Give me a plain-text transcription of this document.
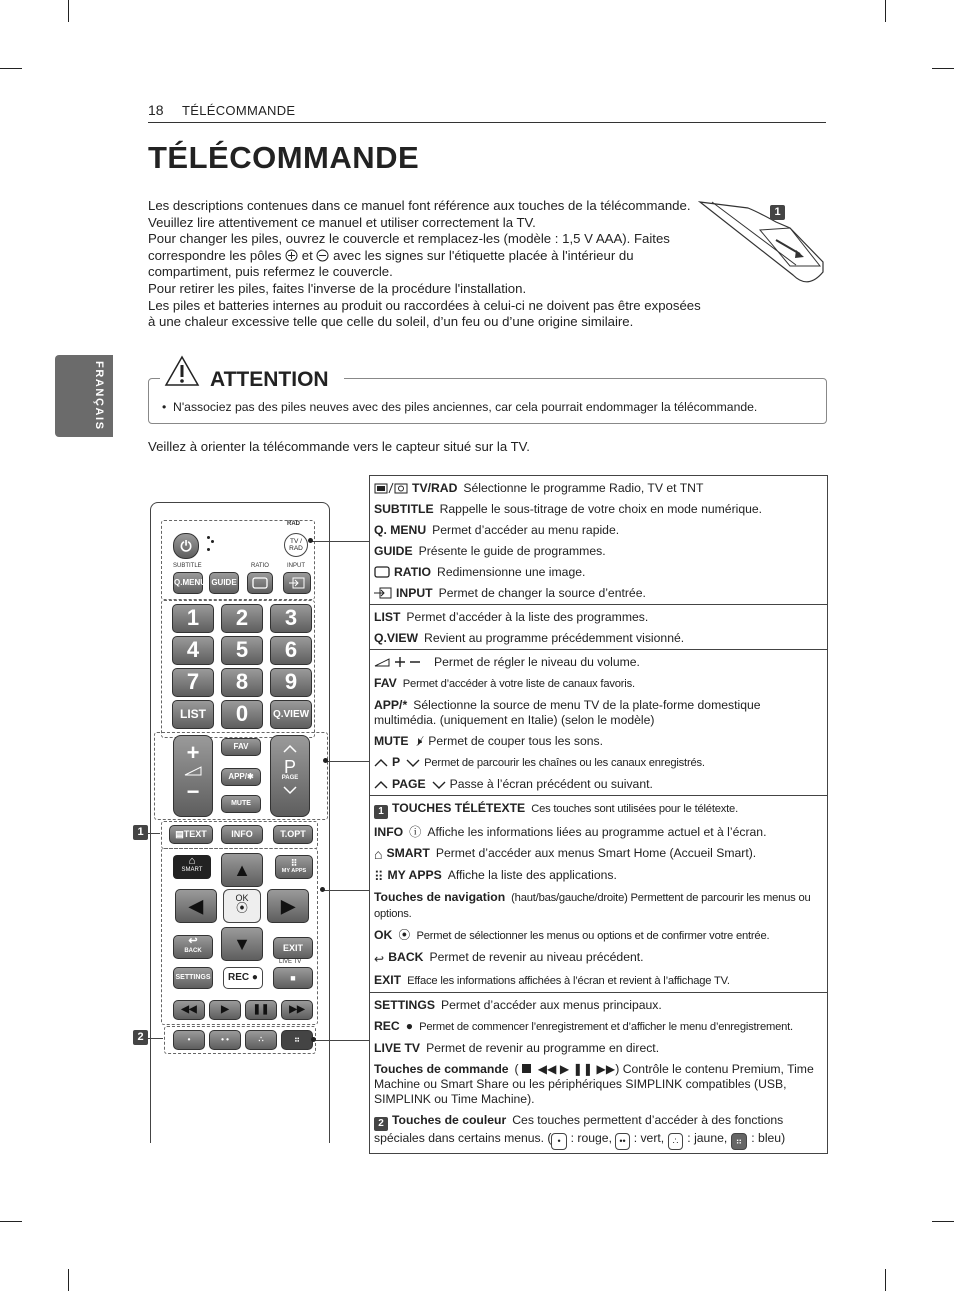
18 TÉLÉCOMMANDE
TÉLÉCOMMANDE
FRANÇAIS

Les descriptions contenues dans ce manuel font référence aux touches de la télécommande. Veuillez lire attentivement ce manuel et utiliser correctement la TV.

Pour changer les piles, ouvrez le couvercle et remplacez-les (modèle : 1,5 V AAA). Faites correspondre les pôles et avec les signes sur l'étiquette placée à l'intérieur du compartiment, puis refermez le couvercle.

Pour retirer les piles, faites l'inverse de la procédure l'installation.

Les piles et batteries internes au produit ou raccordées à celui-ci ne doivent pas être exposées à une chaleur excessive telle que celle du soleil, d’un feu ou d’une origine similaire.

1
ATTENTION
•  N'associez pas des piles neuves avec des piles anciennes, car cela pourrait endommager la télécommande.
Veillez à orienter la télécommande vers le capteur situé sur la TV.
⏻
RAD
TV / RAD
SUBTITLE	RATIO	INPUT
Q.MENU GUIDE
1	2	3
4	5	6
7	8	9
LIST	0	Q.VIEW
+
−
FAV
APP/✱
MUTE
P
PAGE
▤TEXT	INFO	T.OPT
⌂
SMART
⠿
MY APPS
▲
◀	OK
⦿	▶
▼
↩
BACK	EXIT
LIVE TV
SETTINGS	REC ●	■
◀◀	▶	❚❚	▶▶
•	• •	∴	⠶
1
2
TV/RAD Sélectionne le programme Radio, TV et TNT
SUBTITLE Rappelle le sous-titrage de votre choix en mode numérique.
Q. MENU Permet d’accéder au menu rapide.
GUIDE Présente le guide de programmes.
RATIO Redimensionne une image.
INPUT Permet de changer la source d’entrée.

LIST Permet d’accéder à la liste des programmes.
Q.VIEW Revient au programme précédemment visionné.

Permet de régler le niveau du volume.
FAV Permet d’accéder à votre liste de canaux favoris.
APP/* Sélectionne la source de menu TV de la plate-forme domestique multimédia. (uniquement en Italie) (selon le modèle)
MUTE 🕨̸ Permet de couper tous les sons.
P Permet de parcourir les chaînes ou les canaux enregistrés.
PAGE Passe à l’écran précédent ou suivant.

1 TOUCHES TÉLÉTEXTE Ces touches sont utilisées pour le télétexte.
INFO ⓘ Affiche les informations liées au programme actuel et à l’écran.
⌂ SMART Permet d’accéder aux menus Smart Home (Accueil Smart).
⠿ MY APPS Affiche la liste des applications.
Touches de navigation (haut/bas/gauche/droite) Permettent de parcourir les menus ou options.
OK ⦿ Permet de sélectionner les menus ou options et de confirmer votre entrée.
↩ BACK Permet de revenir au niveau précédent.
EXIT Efface les informations affichées à l’écran et revient à l’affichage TV.

SETTINGS Permet d’accéder aux menus principaux.
REC ● Permet de commencer l’enregistrement et d’afficher le menu d’enregistrement.
LIVE TV Permet de revenir au programme en direct.
Touches de commande ( ◀◀ ▶ ❚❚ ▶▶) Contrôle le contenu Premium, Time Machine ou Smart Share ou les périphériques SIMPLINK compatibles (USB, SIMPLINK ou Time Machine).
2 Touches de couleur Ces touches permettent d’accéder à des fonctions spéciales dans certains menus. ( • : rouge, •• : vert, ∴ : jaune, ⠶ : bleu)
